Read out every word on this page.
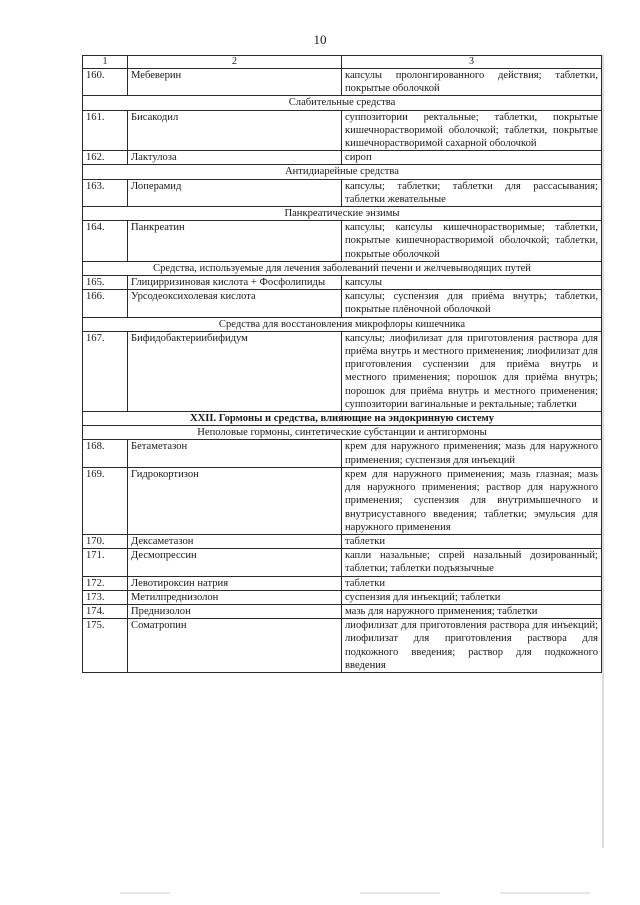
10
1	2	3
160.	Мебеверин	капсулы пролонгированного действия; таблетки, покрытые оболочкой
Слабительные средства		
161.	Бисакодил	суппозитории ректальные; таблетки, покрытые кишечнорастворимой оболочкой; таблетки, покрытые кишечнорастворимой сахарной оболочкой
162.	Лактулоза	сироп
Антидиарейные средства		
163.	Лоперамид	капсулы; таблетки; таблетки для рассасывания; таблетки жевательные
Панкреатические энзимы		
164.	Панкреатин	капсулы; капсулы кишечнорастворимые; таблетки, покрытые кишечнорастворимой оболочкой; таблетки, покрытые оболочкой
Средства, используемые для лечения заболеваний печени и желчевыводящих путей		
165.	Глицирризиновая кислота + Фосфолипиды	капсулы
166.	Урсодеоксихолевая кислота	капсулы; суспензия для приёма внутрь; таблетки, покрытые плёночной оболочкой
Средства для восстановления микрофлоры кишечника		
167.	Бифидобактериибифидум	капсулы; лиофилизат для приготовления раствора для приёма внутрь и местного применения; лиофилизат для приготовления суспензии для приёма внутрь и местного применения; порошок для приёма внутрь; порошок для приёма внутрь и местного применения; суппозитории вагинальные и ректальные; таблетки
XXII. Гормоны и средства, влияющие на эндокринную систему		
Неполовые гормоны, синтетические субстанции и антигормоны		
168.	Бетаметазон	крем для наружного применения; мазь для наружного применения; суспензия для инъекций
169.	Гидрокортизон	крем для наружного применения; мазь глазная; мазь для наружного применения; раствор для наружного применения; суспензия для внутримышечного и внутрисуставного введения; таблетки; эмульсия для наружного применения
170.	Дексаметазон	таблетки
171.	Десмопрессин	капли назальные; спрей назальный дозированный; таблетки; таблетки подъязычные
172.	Левотироксин натрия	таблетки
173.	Метилпреднизолон	суспензия для инъекций; таблетки
174.	Преднизолон	мазь для наружного применения; таблетки
175.	Соматропин	лиофилизат для приготовления раствора для инъекций; лиофилизат для приготовления раствора для подкожного введения; раствор для подкожного введения
